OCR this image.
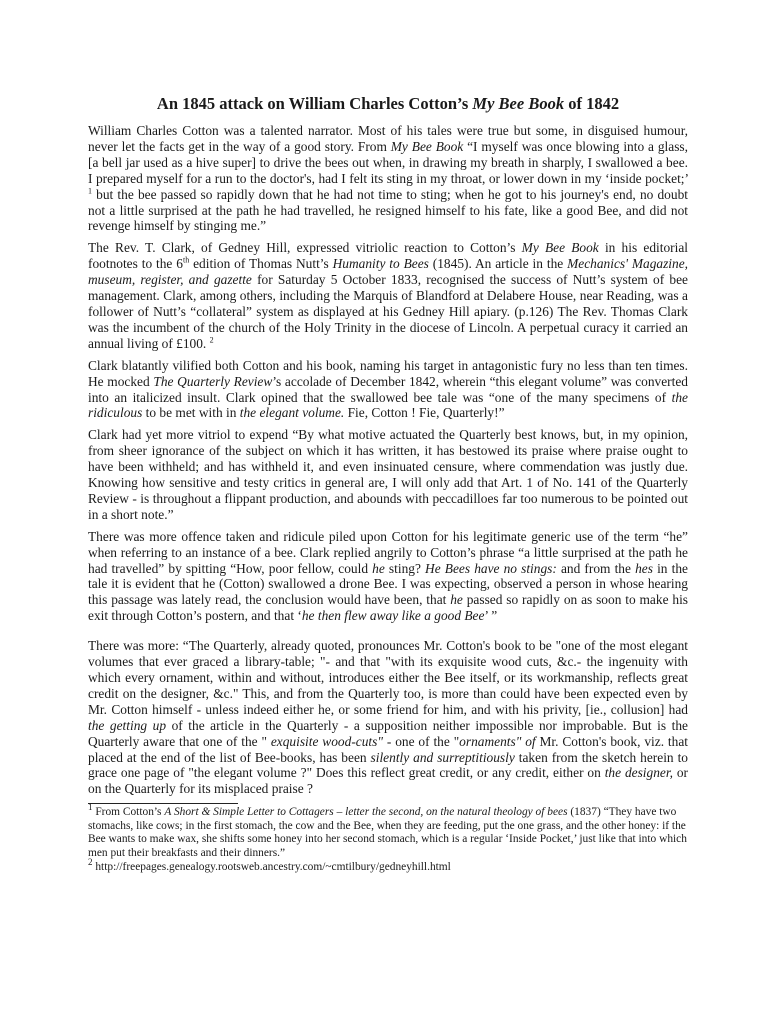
An 1845 attack on William Charles Cotton’s My Bee Book of 1842

William Charles Cotton was a talented narrator. Most of his tales were true but some, in disguised humour, never let the facts get in the way of a good story. From My Bee Book “I myself was once blowing into a glass, [a bell jar used as a hive super] to drive the bees out when, in drawing my breath in sharply, I swallowed a bee. I prepared myself for a run to the doctor's, had I felt its sting in my throat, or lower down in my ‘inside pocket;’ $^1$ but the bee passed so rapidly down that he had not time to sting; when he got to his journey's end, no doubt not a little surprised at the path he had travelled, he resigned himself to his fate, like a good Bee, and did not revenge himself by stinging me.”

The Rev. T. Clark, of Gedney Hill, expressed vitriolic reaction to Cotton’s My Bee Book in his editorial footnotes to the 6th edition of Thomas Nutt’s Humanity to Bees (1845). An article in the Mechanics' Magazine, museum, register, and gazette for Saturday 5 October 1833, recognised the success of Nutt’s system of bee management. Clark, among others, including the Marquis of Blandford at Delabere House, near Reading, was a follower of Nutt’s “collateral” system as displayed at his Gedney Hill apiary. (p.126) The Rev. Thomas Clark was the incumbent of the church of the Holy Trinity in the diocese of Lincoln. A perpetual curacy it carried an annual living of £100. $^2$

Clark blatantly vilified both Cotton and his book, naming his target in antagonistic fury no less than ten times. He mocked The Quarterly Review’s accolade of December 1842, wherein “this elegant volume” was converted into an italicized insult. Clark opined that the swallowed bee tale was “one of the many specimens of the ridiculous to be met with in the elegant volume. Fie, Cotton ! Fie, Quarterly!”

Clark had yet more vitriol to expend “By what motive actuated the Quarterly best knows, but, in my opinion, from sheer ignorance of the subject on which it has written, it has bestowed its praise where praise ought to have been withheld; and has withheld it, and even insinuated censure, where commendation was justly due. Knowing how sensitive and testy critics in general are, I will only add that Art. 1 of No. 141 of the Quarterly Review - is throughout a flippant production, and abounds with peccadilloes far too numerous to be pointed out in a short note.”

There was more offence taken and ridicule piled upon Cotton for his legitimate generic use of the term “he” when referring to an instance of a bee. Clark replied angrily to Cotton’s phrase “a little surprised at the path he had travelled” by spitting “How, poor fellow, could he sting? He Bees have no stings: and from the hes in the tale it is evident that he (Cotton) swallowed a drone Bee. I was expecting, observed a person in whose hearing this passage was lately read, the conclusion would have been, that he passed so rapidly on as soon to make his exit through Cotton’s postern, and that ‘he then flew away like a good Bee’ ”

There was more: “The Quarterly, already quoted, pronounces Mr. Cotton's book to be "one of the most elegant volumes that ever graced a library-table; "- and that "with its exquisite wood cuts, &c.- the ingenuity with which every ornament, within and without, introduces either the Bee itself, or its workmanship, reflects great credit on the designer, &c." This, and from the Quarterly too, is more than could have been expected even by Mr. Cotton himself - unless indeed either he, or some friend for him, and with his privity, [ie., collusion] had the getting up of the article in the Quarterly - a supposition neither impossible nor improbable. But is the Quarterly aware that one of the " exquisite wood-cuts" - one of the "ornaments" of Mr. Cotton's book, viz. that placed at the end of the list of Bee-books, has been silently and surreptitiously taken from the sketch herein to grace one page of "the elegant volume ?" Does this reflect great credit, or any credit, either on the designer, or on the Quarterly for its misplaced praise ?

$^1$ From Cotton’s A Short & Simple Letter to Cottagers – letter the second, on the natural theology of bees (1837) “They have two stomachs, like cows; in the first stomach, the cow and the Bee, when they are feeding, put the one grass, and the other honey: if the Bee wants to make wax, she shifts some honey into her second stomach, which is a regular ‘Inside Pocket,’ just like that into which men put their breakfasts and their dinners.”

$^2$ http://freepages.genealogy.rootsweb.ancestry.com/~cmtilbury/gedneyhill.html
